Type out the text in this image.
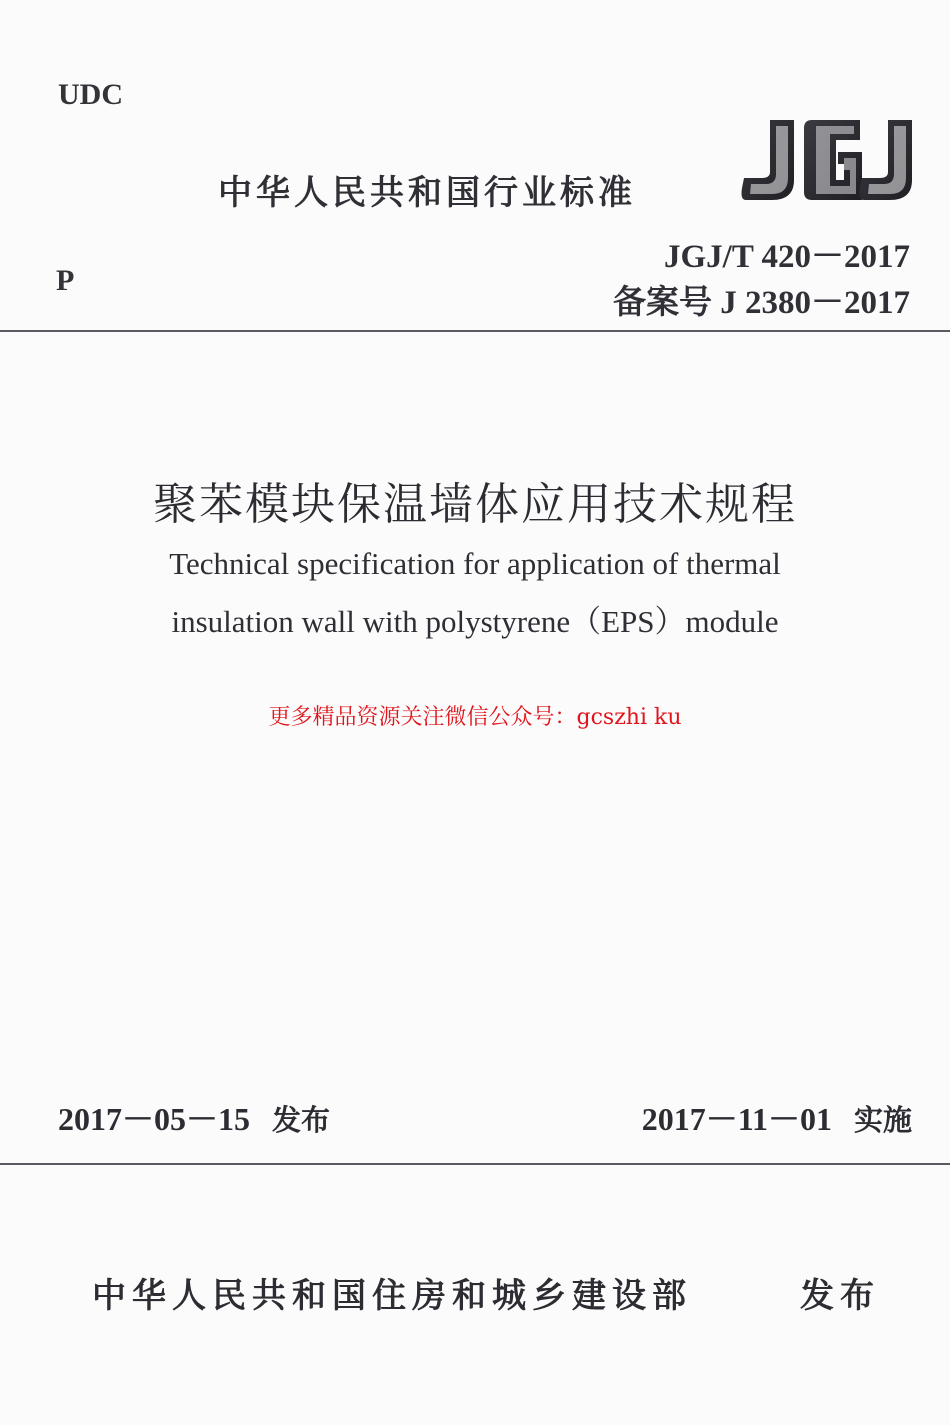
UDC
中华人民共和国行业标准
JGJ
JGJ/T 420－2017
P
备案号 J 2380－2017
聚苯模块保温墙体应用技术规程
Technical specification for application of thermal
insulation wall with polystyrene（EPS）module
更多精品资源关注微信公众号：gcszhi ku
2017－05－15 发布	2017－11－01 实施
中华人民共和国住房和城乡建设部	发布
